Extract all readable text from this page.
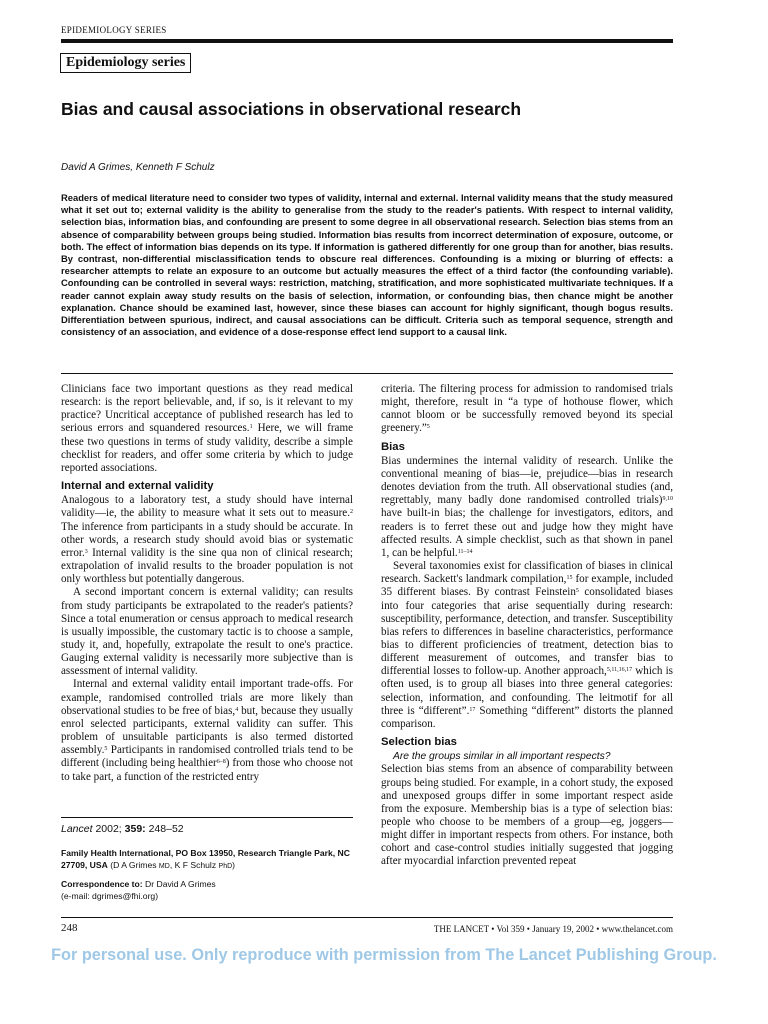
EPIDEMIOLOGY SERIES
Epidemiology series
Bias and causal associations in observational research
David A Grimes, Kenneth F Schulz
Readers of medical literature need to consider two types of validity, internal and external. Internal validity means that the study measured what it set out to; external validity is the ability to generalise from the study to the reader's patients. With respect to internal validity, selection bias, information bias, and confounding are present to some degree in all observational research. Selection bias stems from an absence of comparability between groups being studied. Information bias results from incorrect determination of exposure, outcome, or both. The effect of information bias depends on its type. If information is gathered differently for one group than for another, bias results. By contrast, non-differential misclassification tends to obscure real differences. Confounding is a mixing or blurring of effects: a researcher attempts to relate an exposure to an outcome but actually measures the effect of a third factor (the confounding variable). Confounding can be controlled in several ways: restriction, matching, stratification, and more sophisticated multivariate techniques. If a reader cannot explain away study results on the basis of selection, information, or confounding bias, then chance might be another explanation. Chance should be examined last, however, since these biases can account for highly significant, though bogus results. Differentiation between spurious, indirect, and causal associations can be difficult. Criteria such as temporal sequence, strength and consistency of an association, and evidence of a dose-response effect lend support to a causal link.

Clinicians face two important questions as they read medical research: is the report believable, and, if so, is it relevant to my practice? Uncritical acceptance of published research has led to serious errors and squandered resources.$^1$ Here, we will frame these two questions in terms of study validity, describe a simple checklist for readers, and offer some criteria by which to judge reported associations.

Internal and external validity

Analogous to a laboratory test, a study should have internal validity—ie, the ability to measure what it sets out to measure.$^2$ The inference from participants in a study should be accurate. In other words, a research study should avoid bias or systematic error.$^3$ Internal validity is the sine qua non of clinical research; extrapolation of invalid results to the broader population is not only worthless but potentially dangerous.

A second important concern is external validity; can results from study participants be extrapolated to the reader's patients? Since a total enumeration or census approach to medical research is usually impossible, the customary tactic is to choose a sample, study it, and, hopefully, extrapolate the result to one's practice. Gauging external validity is necessarily more subjective than is assessment of internal validity.

Internal and external validity entail important trade-offs. For example, randomised controlled trials are more likely than observational studies to be free of bias,$^4$ but, because they usually enrol selected participants, external validity can suffer. This problem of unsuitable participants is also termed distorted assembly.$^5$ Participants in randomised controlled trials tend to be different (including being healthier$^{6-8}$) from those who choose not to take part, a function of the restricted entry

Lancet 2002; 359: 248–52
Family Health International, PO Box 13950, Research Triangle Park, NC 27709, USA (D A Grimes MD, K F Schulz PhD)
Correspondence to: Dr David A Grimes
(e-mail: dgrimes@fhi.org)

criteria. The filtering process for admission to randomised trials might, therefore, result in “a type of hothouse flower, which cannot bloom or be successfully removed beyond its special greenery.”$^5$

Bias

Bias undermines the internal validity of research. Unlike the conventional meaning of bias—ie, prejudice—bias in research denotes deviation from the truth. All observational studies (and, regrettably, many badly done randomised controlled trials)$^{9,10}$ have built-in bias; the challenge for investigators, editors, and readers is to ferret these out and judge how they might have affected results. A simple checklist, such as that shown in panel 1, can be helpful.$^{11-14}$

Several taxonomies exist for classification of biases in clinical research. Sackett's landmark compilation,$^{15}$ for example, included 35 different biases. By contrast Feinstein$^5$ consolidated biases into four categories that arise sequentially during research: susceptibility, performance, detection, and transfer. Susceptibility bias refers to differences in baseline characteristics, performance bias to different proficiencies of treatment, detection bias to different measurement of outcomes, and transfer bias to differential losses to follow-up. Another approach,$^{5,11,16,17}$ which is often used, is to group all biases into three general categories: selection, information, and confounding. The leitmotif for all three is “different”.$^{17}$ Something “different” distorts the planned comparison.

Selection bias

Are the groups similar in all important respects?

Selection bias stems from an absence of comparability between groups being studied. For example, in a cohort study, the exposed and unexposed groups differ in some important respect aside from the exposure. Membership bias is a type of selection bias: people who choose to be members of a group—eg, joggers—might differ in important respects from others. For instance, both cohort and case-control studies initially suggested that jogging after myocardial infarction prevented repeat

248	THE LANCET • Vol 359 • January 19, 2002 • www.thelancet.com
For personal use. Only reproduce with permission from The Lancet Publishing Group.
